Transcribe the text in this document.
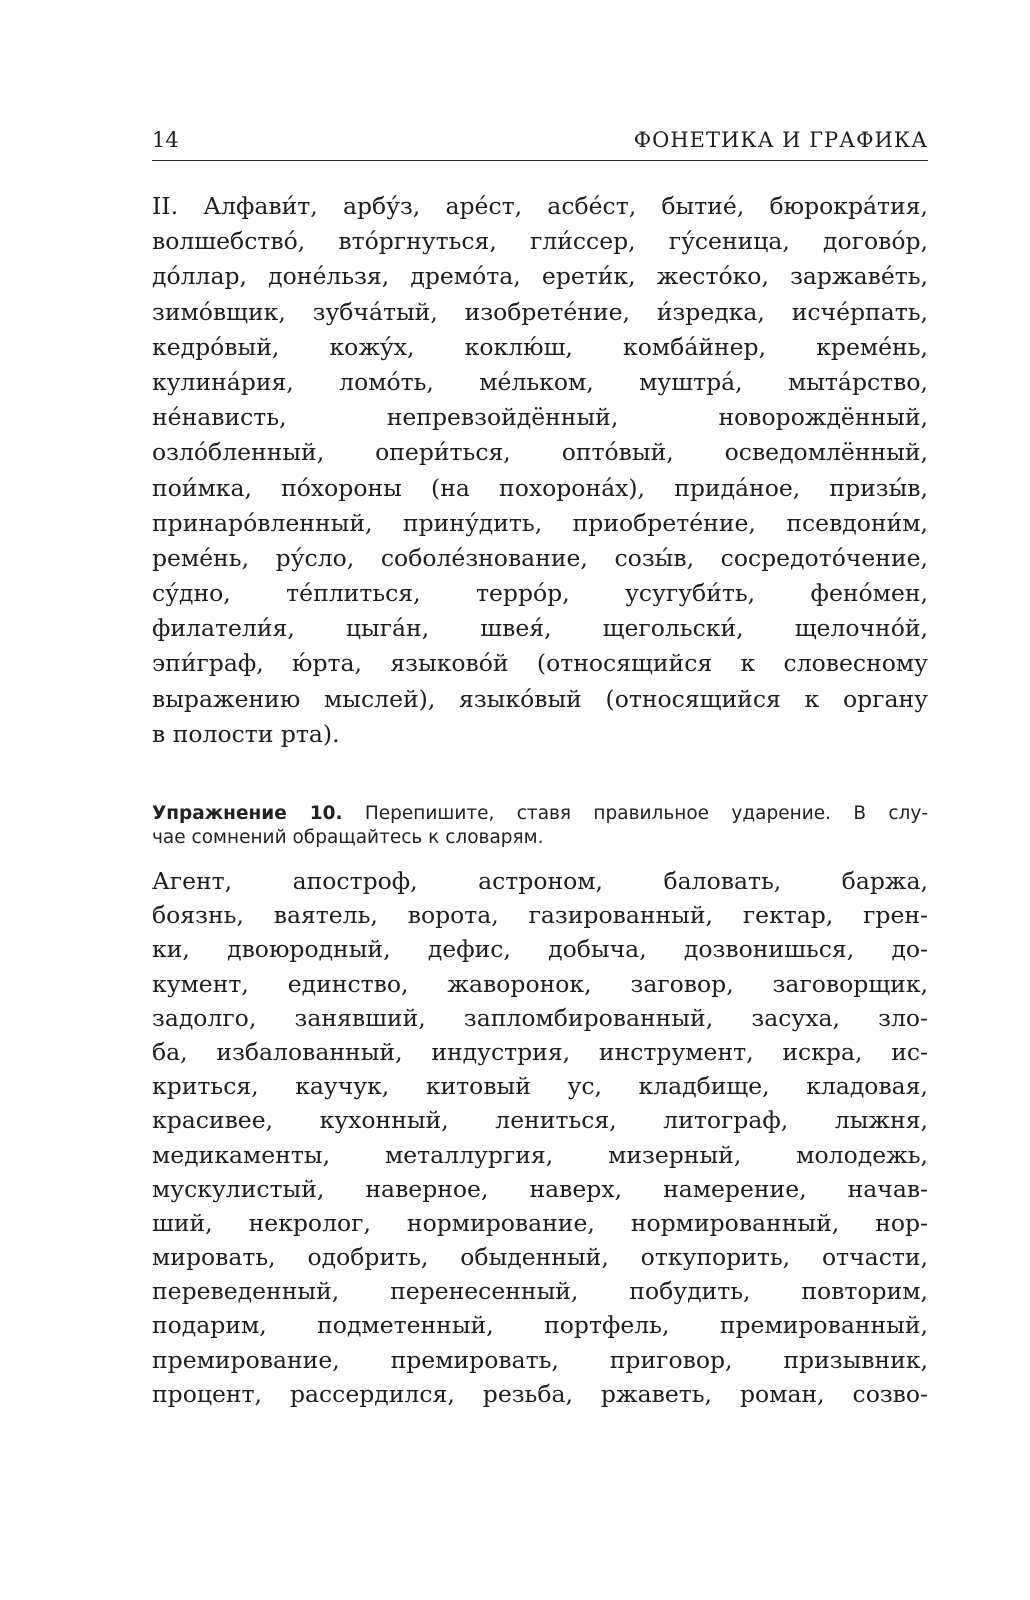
14	ФОНЕТИКА И ГРАФИКА
II. Алфави́т, арбу́з, аре́ст, асбе́ст, бытие́, бюрокра́тия,
волшебство́, вто́ргнуться, гли́ссер, гу́сеница, догово́р,
до́ллар, доне́льзя, дремо́та, ерети́к, жесто́ко, заржаве́ть,
зимо́вщик, зубча́тый, изобрете́ние, и́зредка, исче́рпать,
кедро́вый, кожу́х, коклю́ш, комба́йнер, креме́нь,
кулина́рия, ломо́ть, ме́льком, муштра́, мыта́рство,
не́нависть, непревзойдённый, новорождённый,
озло́бленный, опери́ться, опто́вый, осведомлённый,
пои́мка, по́хороны (на похорона́х), прида́ное, призы́в,
принаро́вленный, прину́дить, приобрете́ние, псевдони́м,
реме́нь, ру́сло, соболе́знование, созы́в, сосредото́чение,
су́дно, те́плиться, терро́р, усугуби́ть, фено́мен,
филатели́я, цыга́н, швея́, щегольски́, щелочно́й,
эпи́граф, ю́рта, языково́й (относящийся к словесному
выражению мыслей), языко́вый (относящийся к органу
в полости рта).
Упражнение 10. Перепишите, ставя правильное ударение. В слу-
чае сомнений обращайтесь к словарям.
Агент, апостроф, астроном, баловать, баржа,
боязнь, ваятель, ворота, газированный, гектар, грен-
ки, двоюродный, дефис, добыча, дозвонишься, до-
кумент, единство, жаворонок, заговор, заговорщик,
задолго, занявший, запломбированный, засуха, зло-
ба, избалованный, индустрия, инструмент, искра, ис-
криться, каучук, китовый ус, кладбище, кладовая,
красивее, кухонный, лениться, литограф, лыжня,
медикаменты, металлургия, мизерный, молодежь,
мускулистый, наверное, наверх, намерение, начав-
ший, некролог, нормирование, нормированный, нор-
мировать, одобрить, обыденный, откупорить, отчасти,
переведенный, перенесенный, побудить, повторим,
подарим, подметенный, портфель, премированный,
премирование, премировать, приговор, призывник,
процент, рассердился, резьба, ржаветь, роман, созво-
